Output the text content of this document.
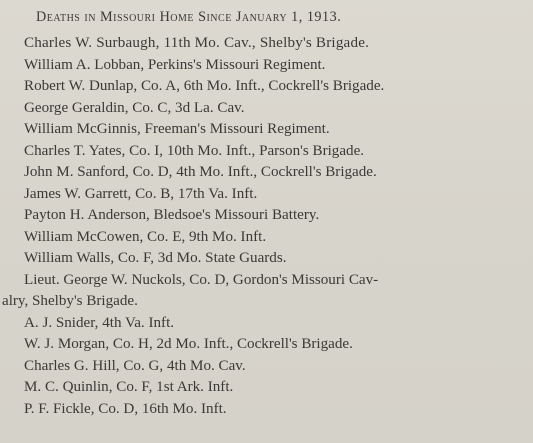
Deaths in Missouri Home Since January 1, 1913.
Charles W. Surbaugh, 11th Mo. Cav., Shelby's Brigade.
William A. Lobban, Perkins's Missouri Regiment.
Robert W. Dunlap, Co. A, 6th Mo. Inft., Cockrell's Brigade.
George Geraldin, Co. C, 3d La. Cav.
William McGinnis, Freeman's Missouri Regiment.
Charles T. Yates, Co. I, 10th Mo. Inft., Parson's Brigade.
John M. Sanford, Co. D, 4th Mo. Inft., Cockrell's Brigade.
James W. Garrett, Co. B, 17th Va. Inft.
Payton H. Anderson, Bledsoe's Missouri Battery.
William McCowen, Co. E, 9th Mo. Inft.
William Walls, Co. F, 3d Mo. State Guards.
Lieut. George W. Nuckols, Co. D, Gordon's Missouri Cav-
alry, Shelby's Brigade.
A. J. Snider, 4th Va. Inft.
W. J. Morgan, Co. H, 2d Mo. Inft., Cockrell's Brigade.
Charles G. Hill, Co. G, 4th Mo. Cav.
M. C. Quinlin, Co. F, 1st Ark. Inft.
P. F. Fickle, Co. D, 16th Mo. Inft.
